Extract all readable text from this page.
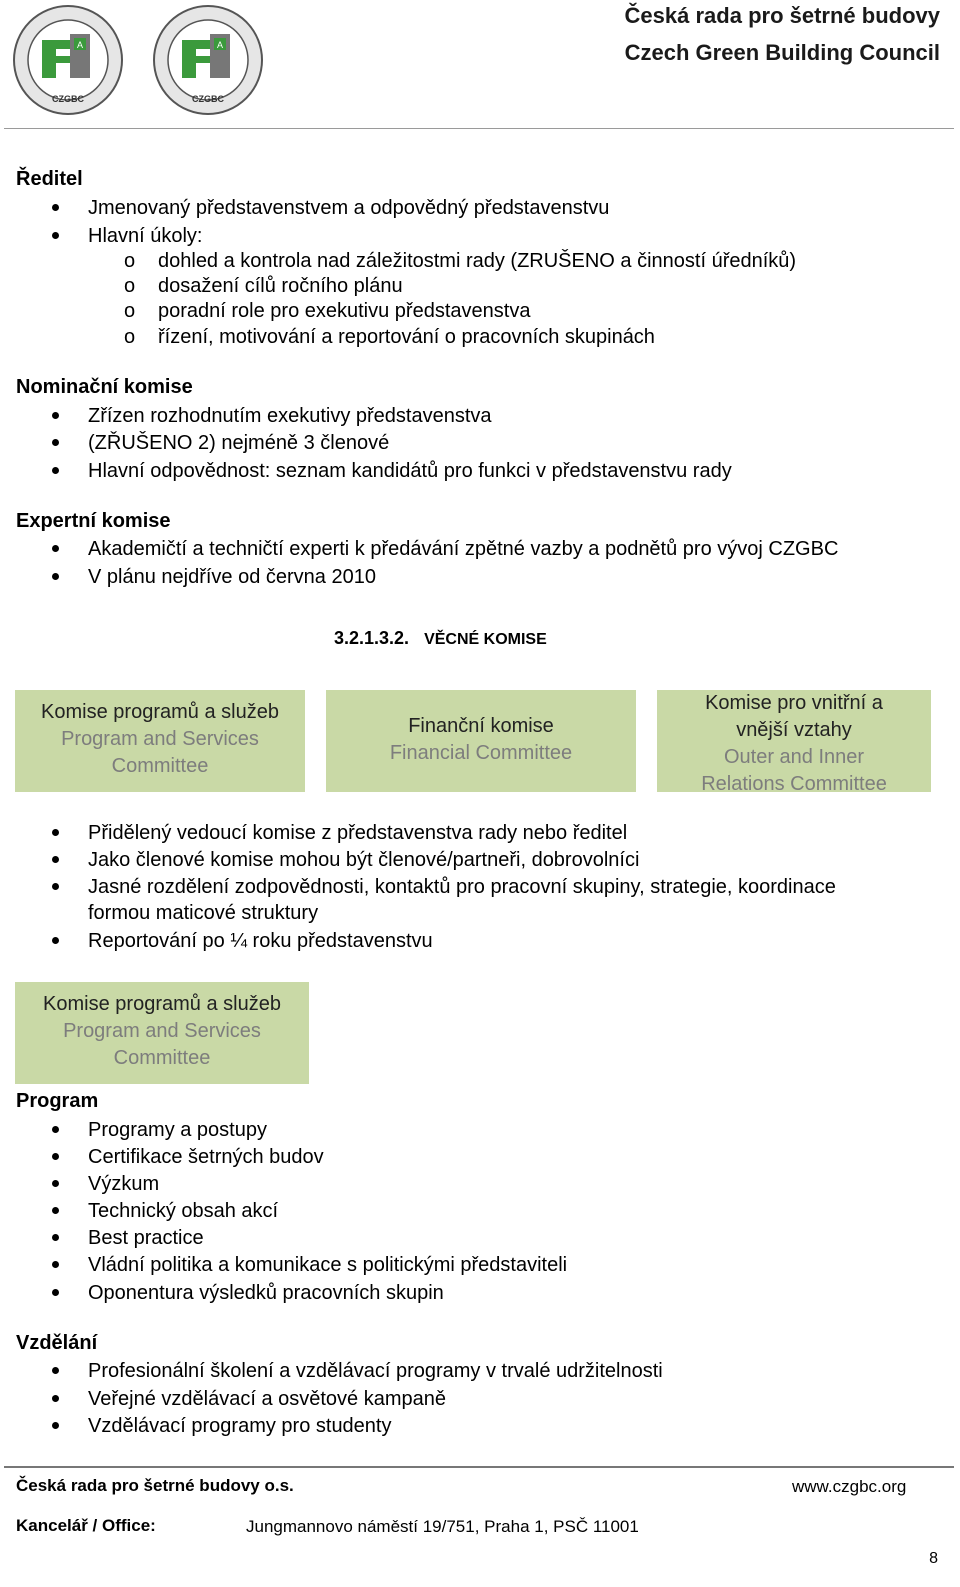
A
CZGBC
A
CZGBC
Česká rada pro šetrné budovy
Czech Green Building Council
Ředitel
Jmenovaný představenstvem a odpovědný představenstvu
Hlavní úkoly:
o dohled a kontrola nad záležitostmi rady (ZRUŠENO a činností úředníků)
o dosažení cílů ročního plánu
o poradní role pro exekutivu představenstva
o řízení, motivování a reportování o pracovních skupinách
Nominační komise
Zřízen rozhodnutím exekutivy představenstva
(ZŘUŠENO 2) nejméně 3 členové
Hlavní odpovědnost: seznam kandidátů pro funkci v představenstvu rady
Expertní komise
Akademičtí a techničtí experti k předávání zpětné vazby a podnětů pro vývoj CZGBC
V plánu nejdříve od června 2010
3.2.1.3.2. VĚCNÉ KOMISE
Komise programů a služeb
Program and Services
Committee
Finanční komise
Financial Committee
Komise pro vnitřní a
vnější vztahy
Outer and Inner
Relations Committee
Přidělený vedoucí komise z představenstva rady nebo ředitel
Jako členové komise mohou být členové/partneři, dobrovolníci
Jasné rozdělení zodpovědnosti, kontaktů pro pracovní skupiny, strategie, koordinace
formou maticové struktury
Reportování po ¼ roku představenstvu
Komise programů a služeb
Program and Services
Committee
Program
Programy a postupy
Certifikace šetrných budov
Výzkum
Technický obsah akcí
Best practice
Vládní politika a komunikace s politickými představiteli
Oponentura výsledků pracovních skupin
Vzdělání
Profesionální školení a vzdělávací programy v trvalé udržitelnosti
Veřejné vzdělávací a osvětové kampaně
Vzdělávací programy pro studenty
Česká rada pro šetrné budovy o.s.	www.czgbc.org
Kancelář / Office:	Jungmannovo náměstí 19/751, Praha 1, PSČ 11001
8
